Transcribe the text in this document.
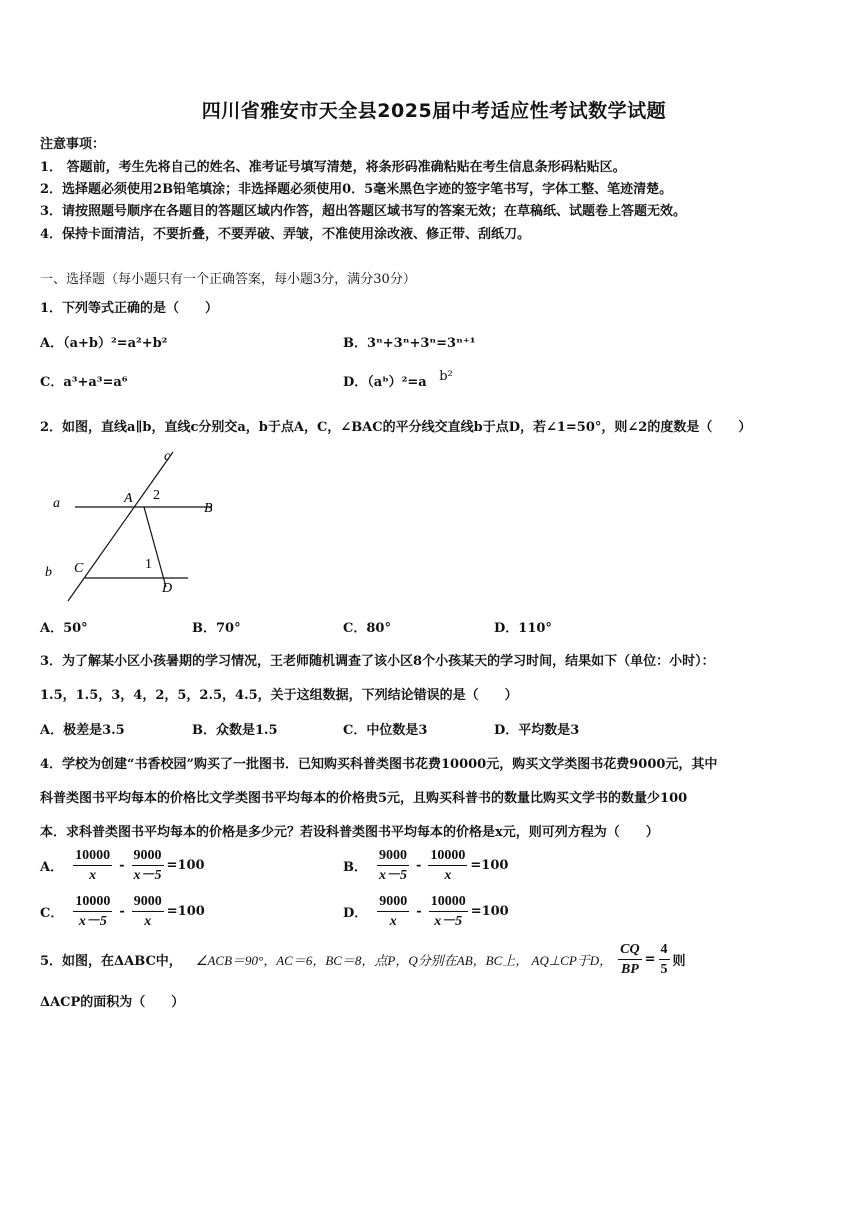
四川省雅安市天全县2025届中考适应性考试数学试题
注意事项：
1． 答题前，考生先将自己的姓名、准考证号填写清楚，将条形码准确粘贴在考生信息条形码粘贴区。
2．选择题必须使用2B铅笔填涂；非选择题必须使用0．5毫米黑色字迹的签字笔书写，字体工整、笔迹清楚。
3．请按照题号顺序在各题目的答题区域内作答，超出答题区域书写的答案无效；在草稿纸、试题卷上答题无效。
4．保持卡面清洁，不要折叠，不要弄破、弄皱，不准使用涂改液、修正带、刮纸刀。
一、选择题（每小题只有一个正确答案，每小题3分，满分30分）
1．下列等式正确的是（　　）
A．（a+b）²=a²+b²	B．3ⁿ+3ⁿ+3ⁿ=3ⁿ⁺¹
C．a³+a³=a⁶	D．（aᵇ）²=a b²
2．如图，直线a∥b，直线c分别交a，b于点A，C，∠BAC的平分线交直线b于点D，若∠1=50°，则∠2的度数是（　　）
c
a	A 2
B
b C	1
D
A．50°	B．70°	C．80°	D．110°
3．为了解某小区小孩暑期的学习情况，王老师随机调查了该小区8个小孩某天的学习时间，结果如下（单位：小时）：
1.5，1.5，3，4，2，5，2.5，4.5，关于这组数据，下列结论错误的是（　　）
A．极差是3.5	B．众数是1.5	C．中位数是3	D．平均数是3
4．学校为创建“书香校园”购买了一批图书．已知购买科普类图书花费10000元，购买文学类图书花费9000元，其中
科普类图书平均每本的价格比文学类图书平均每本的价格贵5元，且购买科普书的数量比购买文学书的数量少100
本．求科普类图书平均每本的价格是多少元？若设科普类图书平均每本的价格是x元，则可列方程为（　　）
A． $\frac{10000}{x} - \frac{9000}{x-5} =100$	B． $\frac{9000}{x-5} - \frac{10000}{x} =100$
C． $\frac{10000}{x-5} - \frac{9000}{x} =100$	D． $\frac{9000}{x} - \frac{10000}{x-5} =100$
5．如图，在ΔABC中， ∠ACB＝90°，AC＝6，BC＝8，点P，Q分别在AB，BC上， AQ⊥CP于D， $\frac{CQ}{BP} = \frac{4}{5}$ 则
ΔACP的面积为（　　）
